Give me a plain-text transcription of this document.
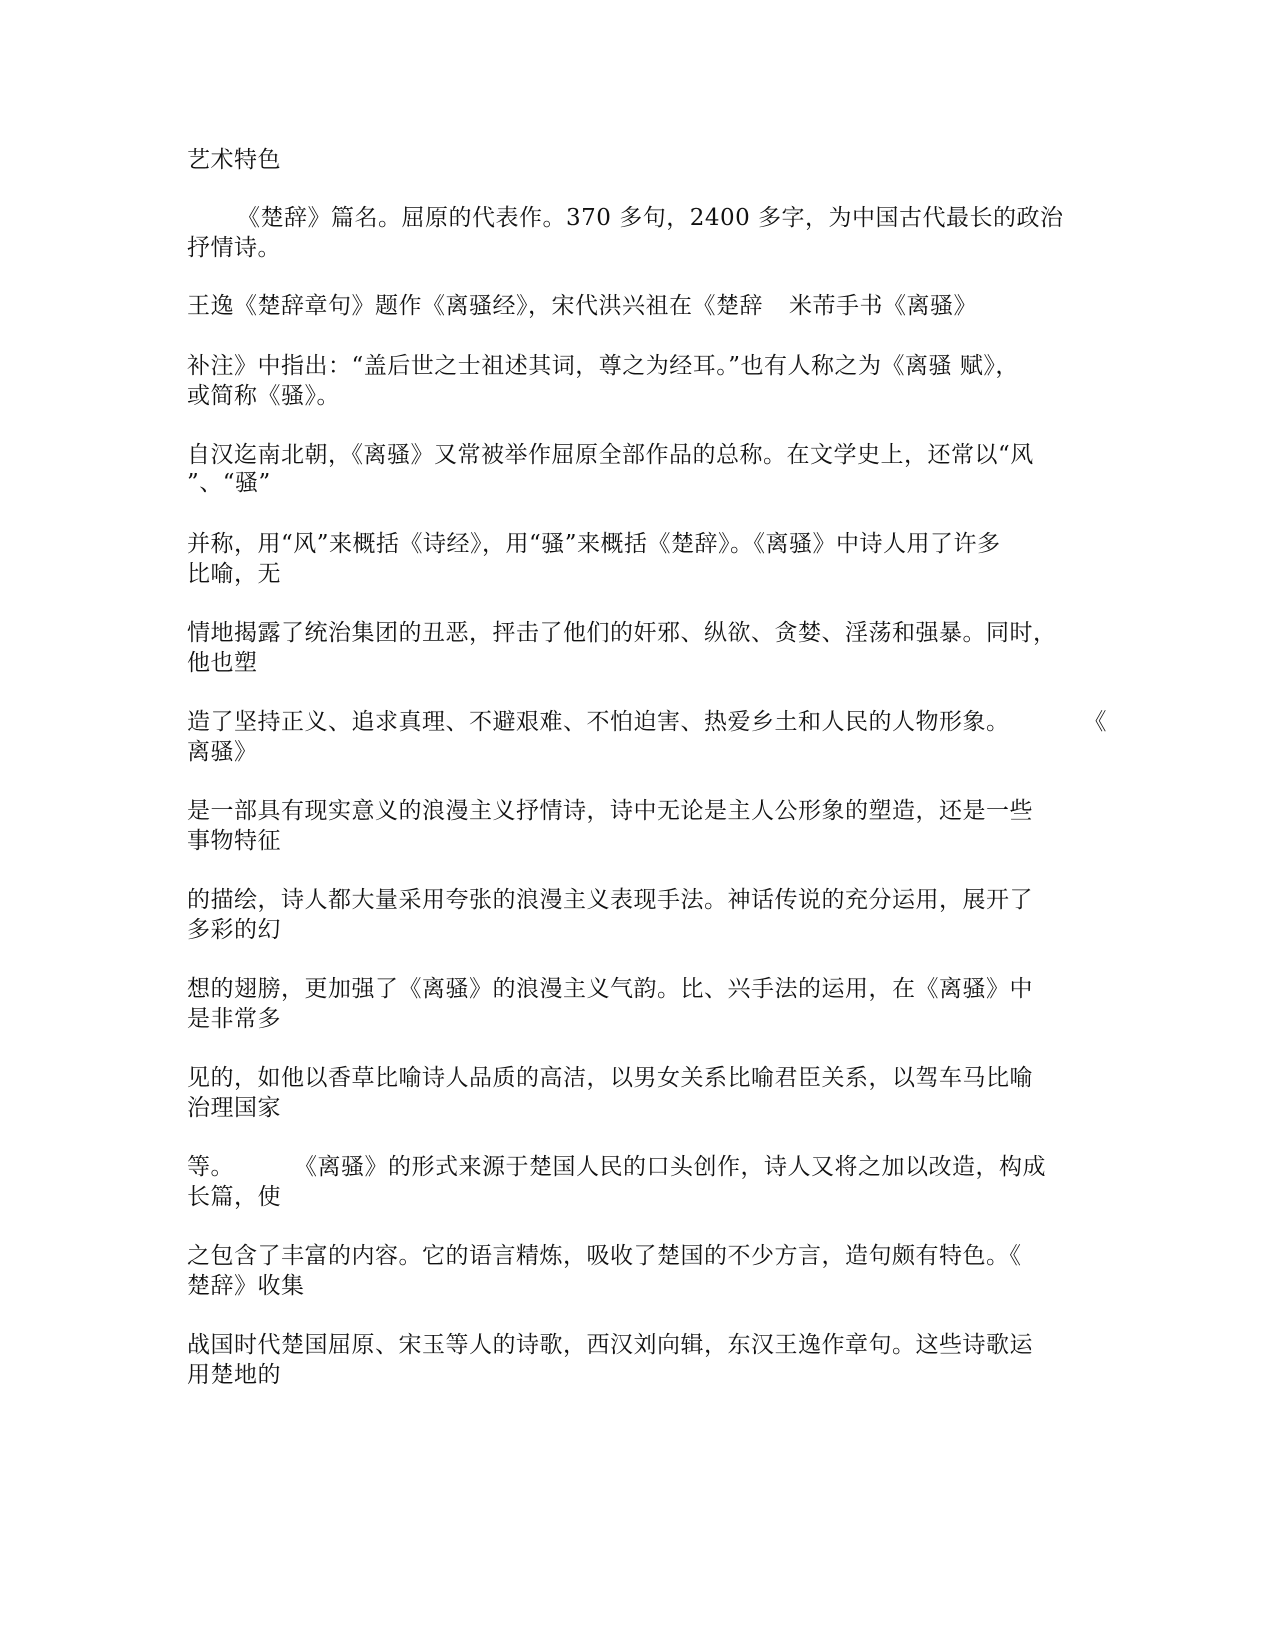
艺术特色
《楚辞》篇名。屈原的代表作。370 多句，2400 多字，为中国古代最长的政治
抒情诗。
王逸《楚辞章句》题作《离骚经》，宋代洪兴祖在《楚辞 米芾手书《离骚》
补注》中指出：“盖后世之士祖述其词，尊之为经耳。”也有人称之为《离骚 赋》，
或简称《骚》。
自汉迄南北朝，《离骚》又常被举作屈原全部作品的总称。在文学史上，还常以“风
”、“骚”
并称，用“风”来概括《诗经》，用“骚”来概括《楚辞》。《离骚》中诗人用了许多
比喻，无
情地揭露了统治集团的丑恶，抨击了他们的奸邪、纵欲、贪婪、淫荡和强暴。同时，
他也塑
造了坚持正义、追求真理、不避艰难、不怕迫害、热爱乡土和人民的人物形象。	《
离骚》
是一部具有现实意义的浪漫主义抒情诗，诗中无论是主人公形象的塑造，还是一些
事物特征
的描绘，诗人都大量采用夸张的浪漫主义表现手法。神话传说的充分运用，展开了
多彩的幻
想的翅膀，更加强了《离骚》的浪漫主义气韵。比、兴手法的运用，在《离骚》中
是非常多
见的，如他以香草比喻诗人品质的高洁，以男女关系比喻君臣关系，以驾车马比喻
治理国家
等。	《离骚》的形式来源于楚国人民的口头创作，诗人又将之加以改造，构成
长篇，使
之包含了丰富的内容。它的语言精炼，吸收了楚国的不少方言，造句颇有特色。《
楚辞》收集
战国时代楚国屈原、宋玉等人的诗歌，西汉刘向辑，东汉王逸作章句。这些诗歌运
用楚地的
